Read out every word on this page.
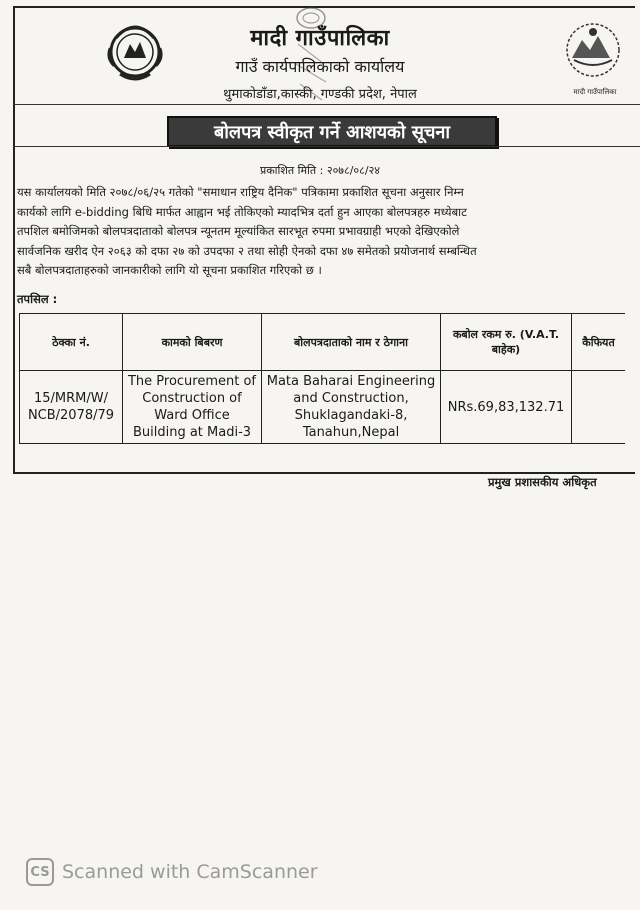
मादी गाउँपालिका
गाउँ कार्यपालिकाको कार्यालय
थुमाकोडाँडा,कास्की, गण्डकी प्रदेश, नेपाल	मादी गाउँपालिका
बोलपत्र स्वीकृत गर्ने आशयको सूचना
प्रकाशित मिति : २०७८/०८/२४
यस कार्यालयको मिति २०७८/०६/२५ गतेको "समाधान राष्ट्रिय दैनिक" पत्रिकामा प्रकाशित सूचना अनुसार निम्न
कार्यको लागि e-bidding बिधि मार्फत आह्वान भई तोकिएको म्यादभित्र दर्ता हुन आएका बोलपत्रहरु मध्येबाट
तपशिल बमोजिमको बोलपत्रदाताको बोलपत्र न्यूनतम मूल्यांकित सारभूत रुपमा प्रभावग्राही भएको देखिएकोले
सार्वजनिक खरीद ऐन २०६३ को दफा २७ को उपदफा २ तथा सोही ऐनको दफा ४७ समेतको प्रयोजनार्थ सम्बन्धित
सबै बोलपत्रदाताहरुको जानकारीको लागि यो सूचना प्रकाशित गरिएको छ ।
तपसिल :
ठेक्का नं.	कामको बिबरण	बोलपत्रदाताको नाम र ठेगाना	कबोल रकम रु. (V.A.T. बाहेक)	कैफियत
15/MRM/W/ NCB/2078/79	The Procurement of Construction of Ward Office Building at Madi-3	Mata Baharai Engineering and Construction, Shuklagandaki-8, Tanahun,Nepal	NRs.69,83,132.71	
प्रमुख प्रशासकीय अधिकृत
CS Scanned with CamScanner
